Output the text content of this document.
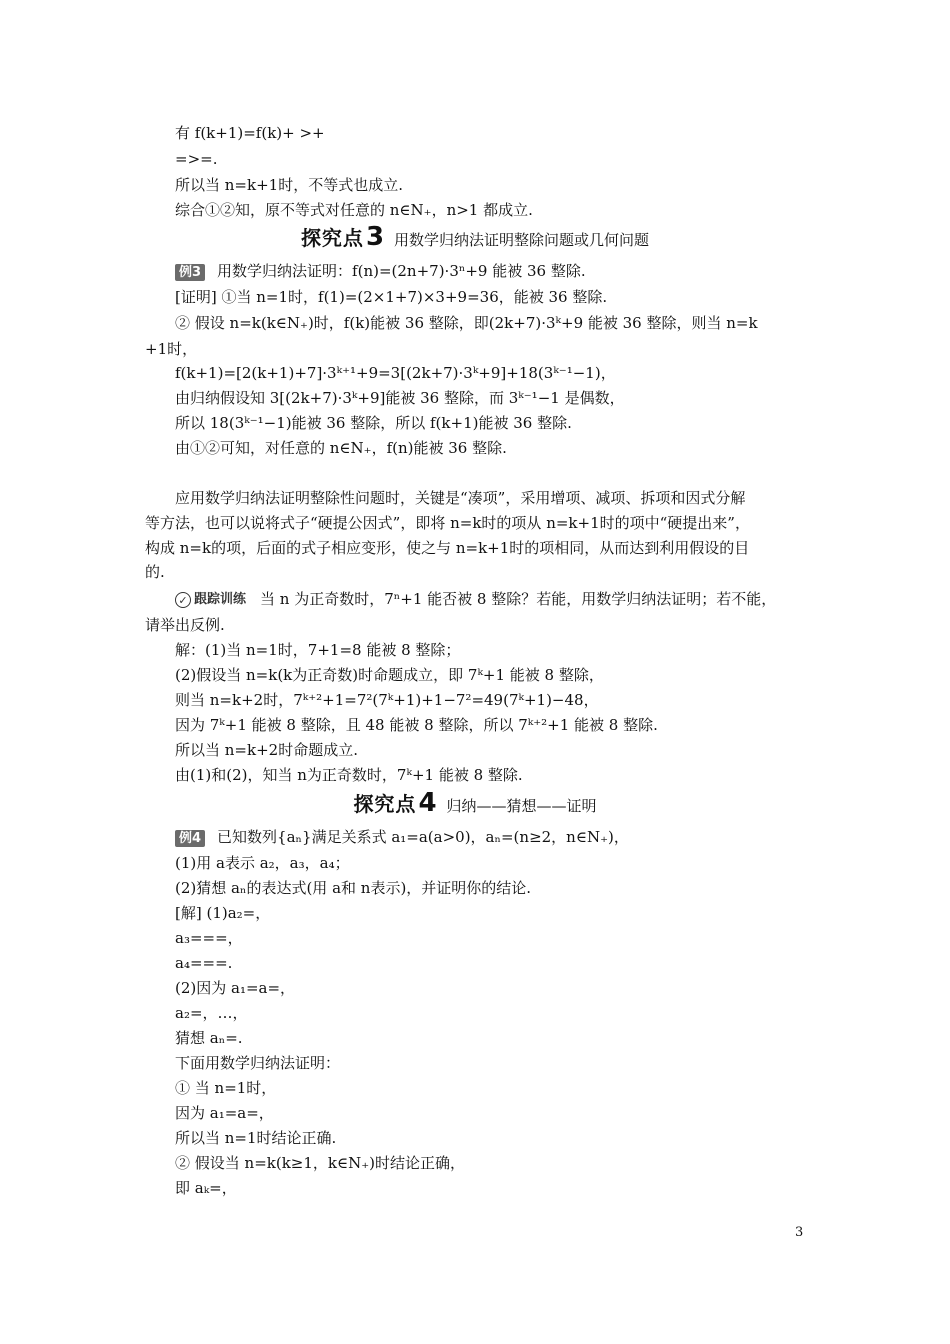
有 f(k+1)=f(k)+ >+
=>=.
所以当 n=k+1时，不等式也成立.
综合①②知，原不等式对任意的 n∈N₊，n>1 都成立.
探究点3 用数学归纳法证明整除问题或几何问题
例3 用数学归纳法证明：f(n)=(2n+7)·3ⁿ+9 能被 36 整除.
[证明] ①当 n=1时，f(1)=(2×1+7)×3+9=36，能被 36 整除.
② 假设 n=k(k∈N₊)时，f(k)能被 36 整除，即(2k+7)·3ᵏ+9 能被 36 整除，则当 n=k
+1时，
f(k+1)=[2(k+1)+7]·3ᵏ⁺¹+9=3[(2k+7)·3ᵏ+9]+18(3ᵏ⁻¹−1)，
由归纳假设知 3[(2k+7)·3ᵏ+9]能被 36 整除，而 3ᵏ⁻¹−1 是偶数，
所以 18(3ᵏ⁻¹−1)能被 36 整除，所以 f(k+1)能被 36 整除.
由①②可知，对任意的 n∈N₊，f(n)能被 36 整除.
应用数学归纳法证明整除性问题时，关键是“凑项”，采用增项、减项、拆项和因式分解
等方法，也可以说将式子“硬提公因式”，即将 n=k时的项从 n=k+1时的项中“硬提出来”，
构成 n=k的项，后面的式子相应变形，使之与 n=k+1时的项相同，从而达到利用假设的目
的.
✓ 跟踪训练 当 n 为正奇数时，7ⁿ+1 能否被 8 整除？若能，用数学归纳法证明；若不能，
请举出反例.
解：(1)当 n=1时，7+1=8 能被 8 整除；
(2)假设当 n=k(k为正奇数)时命题成立，即 7ᵏ+1 能被 8 整除，
则当 n=k+2时，7ᵏ⁺²+1=7²(7ᵏ+1)+1−7²=49(7ᵏ+1)−48，
因为 7ᵏ+1 能被 8 整除，且 48 能被 8 整除，所以 7ᵏ⁺²+1 能被 8 整除.
所以当 n=k+2时命题成立.
由(1)和(2)，知当 n为正奇数时，7ᵏ+1 能被 8 整除.
探究点4 归纳——猜想——证明
例4 已知数列{aₙ}满足关系式 a₁=a(a>0)，aₙ=(n≥2，n∈N₊)，
(1)用 a表示 a₂，a₃，a₄；
(2)猜想 aₙ的表达式(用 a和 n表示)，并证明你的结论.
[解] (1)a₂=，
a₃===，
a₄===.
(2)因为 a₁=a=，
a₂=，…，
猜想 aₙ=.
下面用数学归纳法证明：
① 当 n=1时，
因为 a₁=a=，
所以当 n=1时结论正确.
② 假设当 n=k(k≥1，k∈N₊)时结论正确，
即 aₖ=，
3
